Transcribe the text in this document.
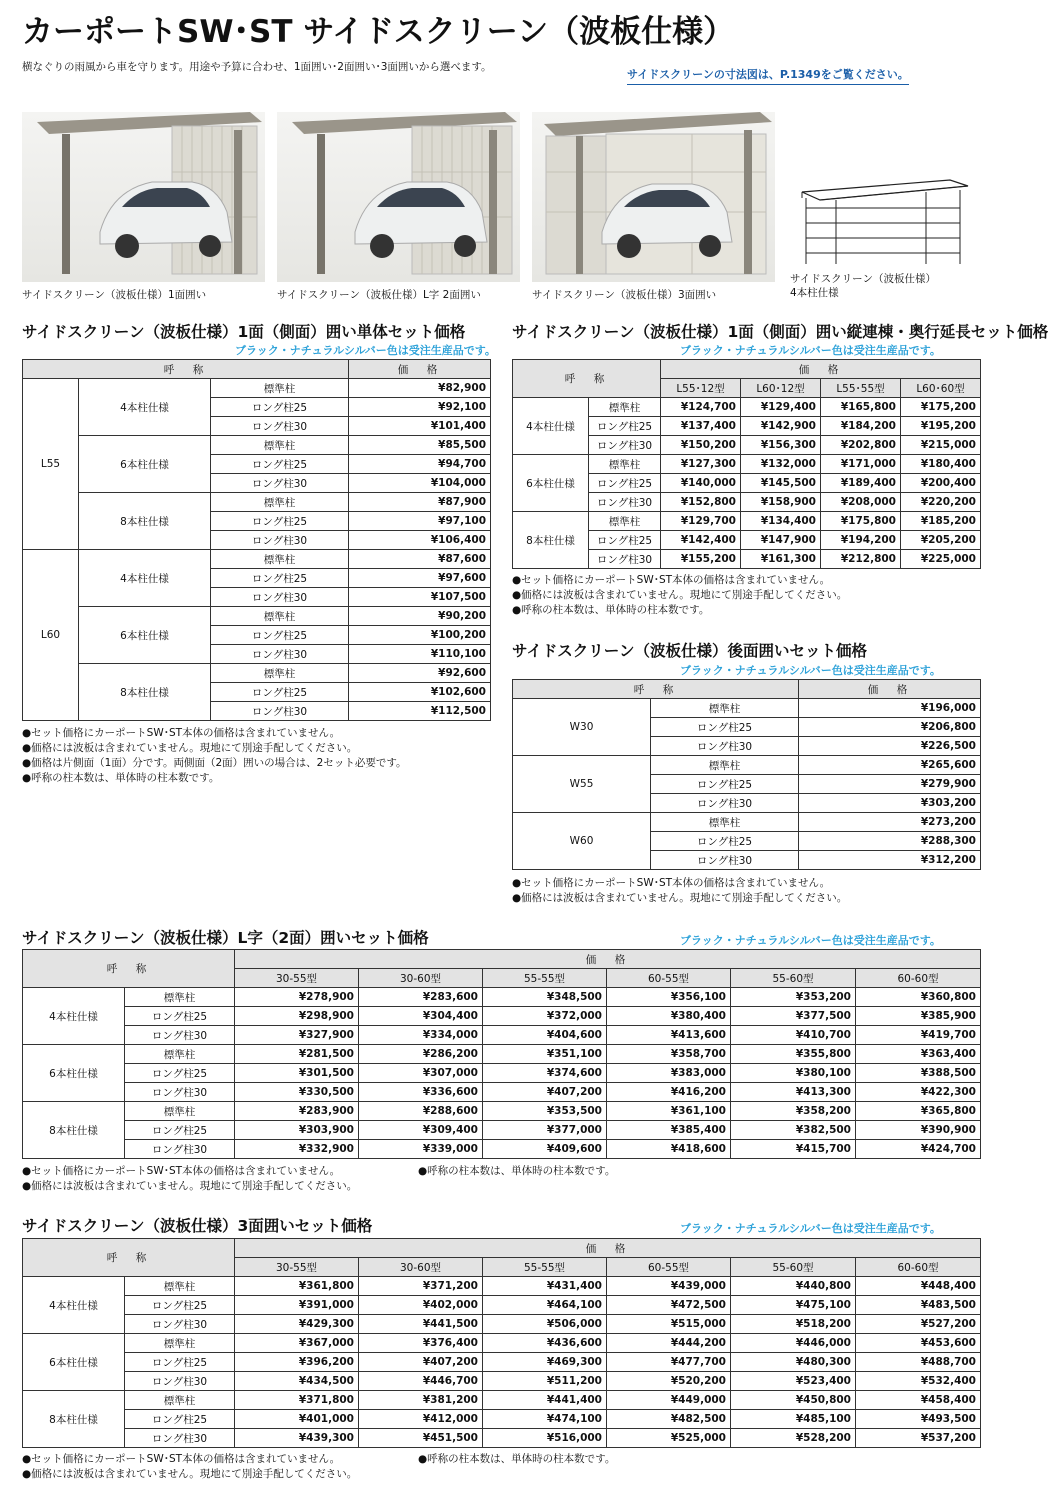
カーポートSW･ST サイドスクリーン（波板仕様）
横なぐりの雨風から車を守ります。用途や予算に合わせ、1面囲い･2面囲い･3面囲いから選べます。
サイドスクリーンの寸法図は、P.1349をご覧ください。
サイドスクリーン（波板仕様）1面囲い	サイドスクリーン（波板仕様）L字 2面囲い	サイドスクリーン（波板仕様）3面囲い
サイドスクリーン（波板仕様）
4本柱仕様
サイドスクリーン（波板仕様）1面（側面）囲い単体セット価格
ブラック・ナチュラルシルバー色は受注生産品です。
呼　称			価　格
L55	4本柱仕様	標準柱	¥82,900
		ロング柱25	¥92,100
		ロング柱30	¥101,400
	6本柱仕様	標準柱	¥85,500
		ロング柱25	¥94,700
		ロング柱30	¥104,000
	8本柱仕様	標準柱	¥87,900
		ロング柱25	¥97,100
		ロング柱30	¥106,400
L60	4本柱仕様	標準柱	¥87,600
		ロング柱25	¥97,600
		ロング柱30	¥107,500
	6本柱仕様	標準柱	¥90,200
		ロング柱25	¥100,200
		ロング柱30	¥110,100
	8本柱仕様	標準柱	¥92,600
		ロング柱25	¥102,600
		ロング柱30	¥112,500
●セット価格にカーポートSW･ST本体の価格は含まれていません。
●価格には波板は含まれていません。現地にて別途手配してください。
●価格は片側面（1面）分です。両側面（2面）囲いの場合は、2セット必要です。
●呼称の柱本数は、単体時の柱本数です。
サイドスクリーン（波板仕様）1面（側面）囲い縦連棟・奥行延長セット価格
ブラック・ナチュラルシルバー色は受注生産品です。
呼　称		価　格			
		L55･12型	L60･12型	L55･55型	L60･60型
4本柱仕様	標準柱	¥124,700	¥129,400	¥165,800	¥175,200
	ロング柱25	¥137,400	¥142,900	¥184,200	¥195,200
	ロング柱30	¥150,200	¥156,300	¥202,800	¥215,000
6本柱仕様	標準柱	¥127,300	¥132,000	¥171,000	¥180,400
	ロング柱25	¥140,000	¥145,500	¥189,400	¥200,400
	ロング柱30	¥152,800	¥158,900	¥208,000	¥220,200
8本柱仕様	標準柱	¥129,700	¥134,400	¥175,800	¥185,200
	ロング柱25	¥142,400	¥147,900	¥194,200	¥205,200
	ロング柱30	¥155,200	¥161,300	¥212,800	¥225,000
●セット価格にカーポートSW･ST本体の価格は含まれていません。
●価格には波板は含まれていません。現地にて別途手配してください。
●呼称の柱本数は、単体時の柱本数です。
サイドスクリーン（波板仕様）後面囲いセット価格
ブラック・ナチュラルシルバー色は受注生産品です。
呼　称		価　格
W30	標準柱	¥196,000
	ロング柱25	¥206,800
	ロング柱30	¥226,500
W55	標準柱	¥265,600
	ロング柱25	¥279,900
	ロング柱30	¥303,200
W60	標準柱	¥273,200
	ロング柱25	¥288,300
	ロング柱30	¥312,200
●セット価格にカーポートSW･ST本体の価格は含まれていません。
●価格には波板は含まれていません。現地にて別途手配してください。
サイドスクリーン（波板仕様）L字（2面）囲いセット価格	ブラック・ナチュラルシルバー色は受注生産品です。
呼　称		価　格					
		30-55型	30-60型	55-55型	60-55型	55-60型	60-60型
4本柱仕様	標準柱	¥278,900	¥283,600	¥348,500	¥356,100	¥353,200	¥360,800
	ロング柱25	¥298,900	¥304,400	¥372,000	¥380,400	¥377,500	¥385,900
	ロング柱30	¥327,900	¥334,000	¥404,600	¥413,600	¥410,700	¥419,700
6本柱仕様	標準柱	¥281,500	¥286,200	¥351,100	¥358,700	¥355,800	¥363,400
	ロング柱25	¥301,500	¥307,000	¥374,600	¥383,000	¥380,100	¥388,500
	ロング柱30	¥330,500	¥336,600	¥407,200	¥416,200	¥413,300	¥422,300
8本柱仕様	標準柱	¥283,900	¥288,600	¥353,500	¥361,100	¥358,200	¥365,800
	ロング柱25	¥303,900	¥309,400	¥377,000	¥385,400	¥382,500	¥390,900
	ロング柱30	¥332,900	¥339,000	¥409,600	¥418,600	¥415,700	¥424,700
●セット価格にカーポートSW･ST本体の価格は含まれていません。
●価格には波板は含まれていません。現地にて別途手配してください。
●呼称の柱本数は、単体時の柱本数です。
サイドスクリーン（波板仕様）3面囲いセット価格	ブラック・ナチュラルシルバー色は受注生産品です。
呼　称		価　格					
		30-55型	30-60型	55-55型	60-55型	55-60型	60-60型
4本柱仕様	標準柱	¥361,800	¥371,200	¥431,400	¥439,000	¥440,800	¥448,400
	ロング柱25	¥391,000	¥402,000	¥464,100	¥472,500	¥475,100	¥483,500
	ロング柱30	¥429,300	¥441,500	¥506,000	¥515,000	¥518,200	¥527,200
6本柱仕様	標準柱	¥367,000	¥376,400	¥436,600	¥444,200	¥446,000	¥453,600
	ロング柱25	¥396,200	¥407,200	¥469,300	¥477,700	¥480,300	¥488,700
	ロング柱30	¥434,500	¥446,700	¥511,200	¥520,200	¥523,400	¥532,400
8本柱仕様	標準柱	¥371,800	¥381,200	¥441,400	¥449,000	¥450,800	¥458,400
	ロング柱25	¥401,000	¥412,000	¥474,100	¥482,500	¥485,100	¥493,500
	ロング柱30	¥439,300	¥451,500	¥516,000	¥525,000	¥528,200	¥537,200
●セット価格にカーポートSW･ST本体の価格は含まれていません。
●価格には波板は含まれていません。現地にて別途手配してください。
●呼称の柱本数は、単体時の柱本数です。
